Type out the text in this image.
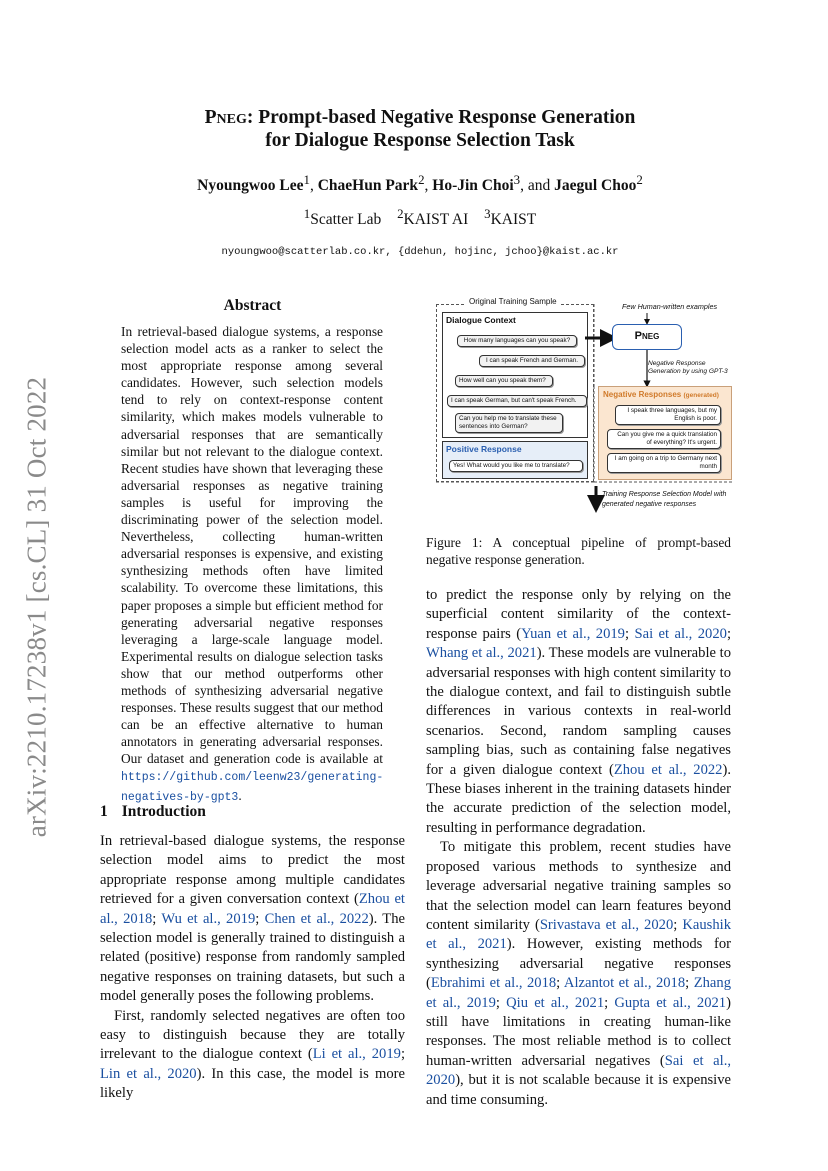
arXiv:2210.17238v1 [cs.CL] 31 Oct 2022
Pneg: Prompt-based Negative Response Generation
for Dialogue Response Selection Task
Nyoungwoo Lee$^1$, ChaeHun Park$^2$, Ho-Jin Choi$^3$, and Jaegul Choo$^2$
$^1$Scatter Lab $^2$KAIST AI $^3$KAIST
nyoungwoo@scatterlab.co.kr, {ddehun, hojinc, jchoo}@kaist.ac.kr
Abstract
In retrieval-based dialogue systems, a response selection model acts as a ranker to select the most appropriate response among several candidates. However, such selection models tend to rely on context-response content similarity, which makes models vulnerable to adversarial responses that are semantically similar but not relevant to the dialogue context. Recent studies have shown that leveraging these adversarial responses as negative training samples is useful for improving the discriminating power of the selection model. Nevertheless, collecting human-written adversarial responses is expensive, and existing synthesizing methods often have limited scalability. To overcome these limitations, this paper proposes a simple but efficient method for generating adversarial negative responses leveraging a large-scale language model. Experimental results on dialogue selection tasks show that our method outperforms other methods of synthesizing adversarial negative responses. These results suggest that our method can be an effective alternative to human annotators in generating adversarial responses. Our dataset and generation code is available at https://github.com/leenw23/generating-negatives-by-gpt3.
1 Introduction

In retrieval-based dialogue systems, the response selection model aims to predict the most appropriate response among multiple candidates retrieved for a given conversation context (Zhou et al., 2018; Wu et al., 2019; Chen et al., 2022). The selection model is generally trained to distinguish a related (positive) response from randomly sampled negative responses on training datasets, but such a model generally poses the following problems.

First, randomly selected negatives are often too easy to distinguish because they are totally irrelevant to the dialogue context (Li et al., 2019; Lin et al., 2020). In this case, the model is more likely

to predict the response only by relying on the superficial content similarity of the context-response pairs (Yuan et al., 2019; Sai et al., 2020; Whang et al., 2021). These models are vulnerable to adversarial responses with high content similarity to the dialogue context, and fail to distinguish subtle differences in various contexts in real-world scenarios. Second, random sampling causes sampling bias, such as containing false negatives for a given dialogue context (Zhou et al., 2022). These biases inherent in the training datasets hinder the accurate prediction of the selection model, resulting in performance degradation.

To mitigate this problem, recent studies have proposed various methods to synthesize and leverage adversarial negative training samples so that the selection model can learn features beyond content similarity (Srivastava et al., 2020; Kaushik et al., 2021). However, existing methods for synthesizing adversarial negative responses (Ebrahimi et al., 2018; Alzantot et al., 2018; Zhang et al., 2019; Qiu et al., 2021; Gupta et al., 2021) still have limitations in creating human-like responses. The most reliable method is to collect human-written adversarial negatives (Sai et al., 2020), but it is not scalable because it is expensive and time consuming.

Original Training Sample
Dialogue Context
How many languages can you speak?
I can speak French and German.
How well can you speak them?
I can speak German, but can't speak French.
Can you help me to translate these sentences into German?
Positive Response
Yes! What would you like me to translate?
Few Human-written examples
Pneg
Negative Response Generation by using GPT-3
Negative Responses (generated)
I speak three languages, but my English is poor.
Can you give me a quick translation of everything? It's urgent.
I am going on a trip to Germany next month
Training Response Selection Model with generated negative responses
Figure 1: A conceptual pipeline of prompt-based negative response generation.
